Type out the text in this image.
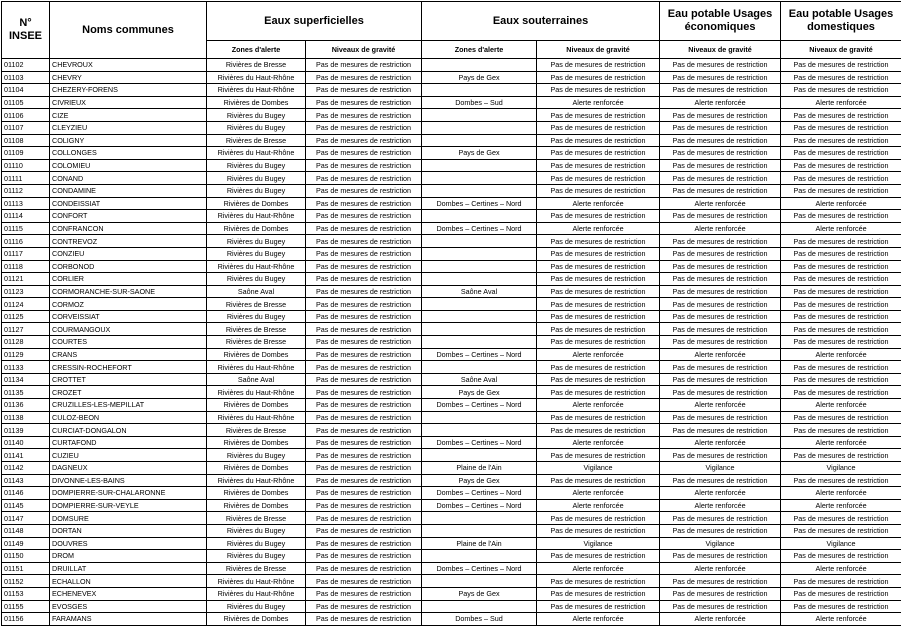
N° INSEE	Noms communes	Eaux superficielles		Eaux souterraines		Eau potable Usages économiques	Eau potable Usages domestiques
		Zones d'alerte	Niveaux de gravité	Zones d'alerte	Niveaux de gravité	Niveaux de gravité	Niveaux de gravité
01102	CHEVROUX	Rivières de Bresse	Pas de mesures de restriction		Pas de mesures de restriction	Pas de mesures de restriction	Pas de mesures de restriction
01103	CHEVRY	Rivières du Haut-Rhône	Pas de mesures de restriction	Pays de Gex	Pas de mesures de restriction	Pas de mesures de restriction	Pas de mesures de restriction
01104	CHEZERY-FORENS	Rivières du Haut-Rhône	Pas de mesures de restriction		Pas de mesures de restriction	Pas de mesures de restriction	Pas de mesures de restriction
01105	CIVRIEUX	Rivières de Dombes	Pas de mesures de restriction	Dombes – Sud	Alerte renforcée	Alerte renforcée	Alerte renforcée
01106	CIZE	Rivières du Bugey	Pas de mesures de restriction		Pas de mesures de restriction	Pas de mesures de restriction	Pas de mesures de restriction
01107	CLEYZIEU	Rivières du Bugey	Pas de mesures de restriction		Pas de mesures de restriction	Pas de mesures de restriction	Pas de mesures de restriction
01108	COLIGNY	Rivières de Bresse	Pas de mesures de restriction		Pas de mesures de restriction	Pas de mesures de restriction	Pas de mesures de restriction
01109	COLLONGES	Rivières du Haut-Rhône	Pas de mesures de restriction	Pays de Gex	Pas de mesures de restriction	Pas de mesures de restriction	Pas de mesures de restriction
01110	COLOMIEU	Rivières du Bugey	Pas de mesures de restriction		Pas de mesures de restriction	Pas de mesures de restriction	Pas de mesures de restriction
01111	CONAND	Rivières du Bugey	Pas de mesures de restriction		Pas de mesures de restriction	Pas de mesures de restriction	Pas de mesures de restriction
01112	CONDAMINE	Rivières du Bugey	Pas de mesures de restriction		Pas de mesures de restriction	Pas de mesures de restriction	Pas de mesures de restriction
01113	CONDEISSIAT	Rivières de Dombes	Pas de mesures de restriction	Dombes – Certines – Nord	Alerte renforcée	Alerte renforcée	Alerte renforcée
01114	CONFORT	Rivières du Haut-Rhône	Pas de mesures de restriction		Pas de mesures de restriction	Pas de mesures de restriction	Pas de mesures de restriction
01115	CONFRANCON	Rivières de Dombes	Pas de mesures de restriction	Dombes – Certines – Nord	Alerte renforcée	Alerte renforcée	Alerte renforcée
01116	CONTREVOZ	Rivières du Bugey	Pas de mesures de restriction		Pas de mesures de restriction	Pas de mesures de restriction	Pas de mesures de restriction
01117	CONZIEU	Rivières du Bugey	Pas de mesures de restriction		Pas de mesures de restriction	Pas de mesures de restriction	Pas de mesures de restriction
01118	CORBONOD	Rivières du Haut-Rhône	Pas de mesures de restriction		Pas de mesures de restriction	Pas de mesures de restriction	Pas de mesures de restriction
01121	CORLIER	Rivières du Bugey	Pas de mesures de restriction		Pas de mesures de restriction	Pas de mesures de restriction	Pas de mesures de restriction
01123	CORMORANCHE-SUR-SAONE	Saône Aval	Pas de mesures de restriction	Saône Aval	Pas de mesures de restriction	Pas de mesures de restriction	Pas de mesures de restriction
01124	CORMOZ	Rivières de Bresse	Pas de mesures de restriction		Pas de mesures de restriction	Pas de mesures de restriction	Pas de mesures de restriction
01125	CORVEISSIAT	Rivières du Bugey	Pas de mesures de restriction		Pas de mesures de restriction	Pas de mesures de restriction	Pas de mesures de restriction
01127	COURMANGOUX	Rivières de Bresse	Pas de mesures de restriction		Pas de mesures de restriction	Pas de mesures de restriction	Pas de mesures de restriction
01128	COURTES	Rivières de Bresse	Pas de mesures de restriction		Pas de mesures de restriction	Pas de mesures de restriction	Pas de mesures de restriction
01129	CRANS	Rivières de Dombes	Pas de mesures de restriction	Dombes – Certines – Nord	Alerte renforcée	Alerte renforcée	Alerte renforcée
01133	CRESSIN-ROCHEFORT	Rivières du Haut-Rhône	Pas de mesures de restriction		Pas de mesures de restriction	Pas de mesures de restriction	Pas de mesures de restriction
01134	CROTTET	Saône Aval	Pas de mesures de restriction	Saône Aval	Pas de mesures de restriction	Pas de mesures de restriction	Pas de mesures de restriction
01135	CROZET	Rivières du Haut-Rhône	Pas de mesures de restriction	Pays de Gex	Pas de mesures de restriction	Pas de mesures de restriction	Pas de mesures de restriction
01136	CRUZILLES-LES-MEPILLAT	Rivières de Dombes	Pas de mesures de restriction	Dombes – Certines – Nord	Alerte renforcée	Alerte renforcée	Alerte renforcée
01138	CULOZ-BEON	Rivières du Haut-Rhône	Pas de mesures de restriction		Pas de mesures de restriction	Pas de mesures de restriction	Pas de mesures de restriction
01139	CURCIAT-DONGALON	Rivières de Bresse	Pas de mesures de restriction		Pas de mesures de restriction	Pas de mesures de restriction	Pas de mesures de restriction
01140	CURTAFOND	Rivières de Dombes	Pas de mesures de restriction	Dombes – Certines – Nord	Alerte renforcée	Alerte renforcée	Alerte renforcée
01141	CUZIEU	Rivières du Bugey	Pas de mesures de restriction		Pas de mesures de restriction	Pas de mesures de restriction	Pas de mesures de restriction
01142	DAGNEUX	Rivières de Dombes	Pas de mesures de restriction	Plaine de l'Ain	Vigilance	Vigilance	Vigilance
01143	DIVONNE-LES-BAINS	Rivières du Haut-Rhône	Pas de mesures de restriction	Pays de Gex	Pas de mesures de restriction	Pas de mesures de restriction	Pas de mesures de restriction
01146	DOMPIERRE-SUR-CHALARONNE	Rivières de Dombes	Pas de mesures de restriction	Dombes – Certines – Nord	Alerte renforcée	Alerte renforcée	Alerte renforcée
01145	DOMPIERRE-SUR-VEYLE	Rivières de Dombes	Pas de mesures de restriction	Dombes – Certines – Nord	Alerte renforcée	Alerte renforcée	Alerte renforcée
01147	DOMSURE	Rivières de Bresse	Pas de mesures de restriction		Pas de mesures de restriction	Pas de mesures de restriction	Pas de mesures de restriction
01148	DORTAN	Rivières du Bugey	Pas de mesures de restriction		Pas de mesures de restriction	Pas de mesures de restriction	Pas de mesures de restriction
01149	DOUVRES	Rivières du Bugey	Pas de mesures de restriction	Plaine de l'Ain	Vigilance	Vigilance	Vigilance
01150	DROM	Rivières du Bugey	Pas de mesures de restriction		Pas de mesures de restriction	Pas de mesures de restriction	Pas de mesures de restriction
01151	DRUILLAT	Rivières de Bresse	Pas de mesures de restriction	Dombes – Certines – Nord	Alerte renforcée	Alerte renforcée	Alerte renforcée
01152	ECHALLON	Rivières du Haut-Rhône	Pas de mesures de restriction		Pas de mesures de restriction	Pas de mesures de restriction	Pas de mesures de restriction
01153	ECHENEVEX	Rivières du Haut-Rhône	Pas de mesures de restriction	Pays de Gex	Pas de mesures de restriction	Pas de mesures de restriction	Pas de mesures de restriction
01155	EVOSGES	Rivières du Bugey	Pas de mesures de restriction		Pas de mesures de restriction	Pas de mesures de restriction	Pas de mesures de restriction
01156	FARAMANS	Rivières de Dombes	Pas de mesures de restriction	Dombes – Sud	Alerte renforcée	Alerte renforcée	Alerte renforcée
